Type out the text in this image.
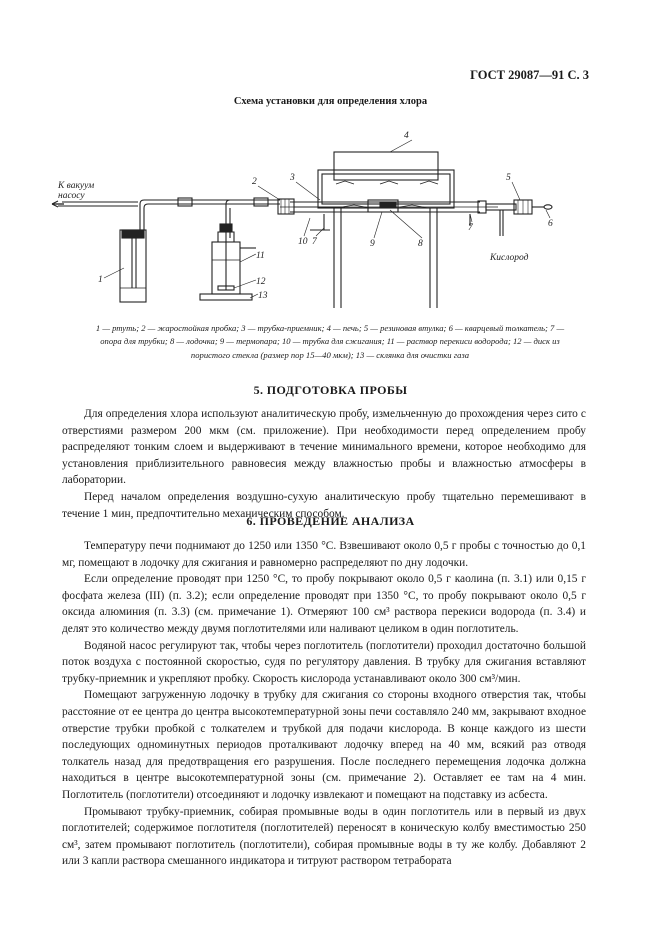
ГОСТ 29087—91 С. 3
Схема установки для определения хлора
К вакуум
насосу
Кислород
1
2	3
4
5
6
7
7
8
9
10
11
12
13
1 — ртуть; 2 — жаростойкая пробка; 3 — трубка-приемник; 4 — печь; 5 — резиновая втулка; 6 — кварцевый толкатель; 7 —
опора для трубки; 8 — лодочка; 9 — термопара; 10 — трубка для сжигания; 11 — раствор перекиси водорода; 12 — диск из
пористого стекла (размер пор 15—40 мкм); 13 — склянка для очистки газа
5. ПОДГОТОВКА ПРОБЫ

Для определения хлора используют аналитическую пробу, измельченную до прохождения через сито с отверстиями размером 200 мкм (см. приложение). При необходимости перед определением пробу распределяют тонким слоем и выдерживают в течение минимального времени, которое необходимо для установления приблизительного равновесия между влажностью пробы и влажностью атмосферы в лаборатории.

Перед началом определения воздушно-сухую аналитическую пробу тщательно перемешивают в течение 1 мин, предпочтительно механическим способом.

6. ПРОВЕДЕНИЕ АНАЛИЗА

Температуру печи поднимают до 1250 или 1350 °С. Взвешивают около 0,5 г пробы с точностью до 0,1 мг, помещают в лодочку для сжигания и равномерно распределяют по дну лодочки.

Если определение проводят при 1250 °С, то пробу покрывают около 0,5 г каолина (п. 3.1) или 0,15 г фосфата железа (III) (п. 3.2); если определение проводят при 1350 °С, то пробу покрывают около 0,5 г оксида алюминия (п. 3.3) (см. примечание 1). Отмеряют 100 см³ раствора перекиси водорода (п. 3.4) и делят это количество между двумя поглотителями или наливают целиком в один поглотитель.

Водяной насос регулируют так, чтобы через поглотитель (поглотители) проходил достаточно большой поток воздуха с постоянной скоростью, судя по регулятору давления. В трубку для сжигания вставляют трубку-приемник и укрепляют пробку. Скорость кислорода устанавливают около 300 см³/мин.

Помещают загруженную лодочку в трубку для сжигания со стороны входного отверстия так, чтобы расстояние от ее центра до центра высокотемпературной зоны печи составляло 240 мм, закрывают входное отверстие трубки пробкой с толкателем и трубкой для подачи кислорода. В конце каждого из шести последующих одноминутных периодов проталкивают лодочку вперед на 40 мм, всякий раз отводя толкатель назад для предотвращения его разрушения. После последнего перемещения лодочка должна находиться в центре высокотемпературной зоны (см. примечание 2). Оставляет ее там на 4 мин. Поглотитель (поглотители) отсоединяют и лодочку извлекают и помещают на подставку из асбеста.

Промывают трубку-приемник, собирая промывные воды в один поглотитель или в первый из двух поглотителей; содержимое поглотителя (поглотителей) переносят в коническую колбу вместимостью 250 см³, затем промывают поглотитель (поглотители), собирая промывные воды в ту же колбу. Добавляют 2 или 3 капли раствора смешанного индикатора и титруют раствором тетрабората
